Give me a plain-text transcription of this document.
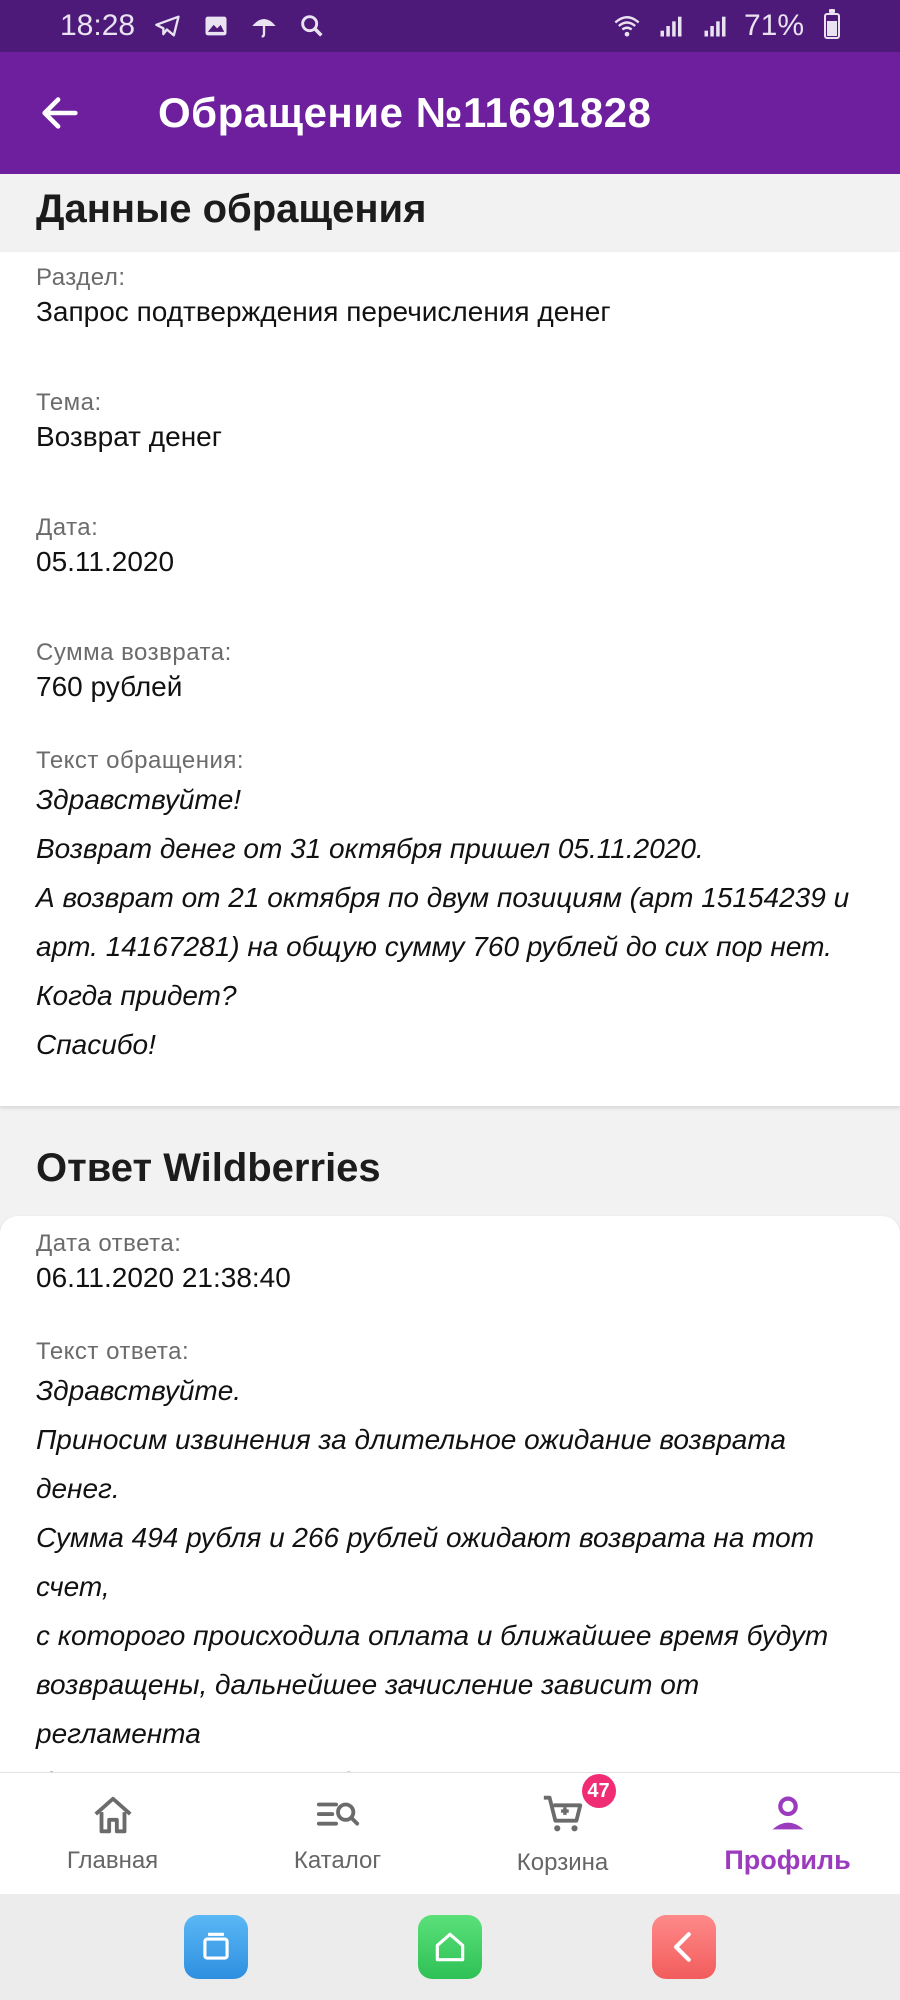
18:28	71%
Обращение №11691828
Данные обращения
Раздел:
Запрос подтверждения перечисления денег
Тема:
Возврат денег
Дата:
05.11.2020
Сумма возврата:
760 рублей
Текст обращения:
Здравствуйте!
Возврат денег от 31 октября пришел 05.11.2020.
А возврат от 21 октября по двум позициям (арт 15154239 и
арт. 14167281) на общую сумму 760 рублей до сих пор нет.
Когда придет?
Спасибо!
Ответ Wildberries
Дата ответа:
06.11.2020 21:38:40
Текст ответа:
Здравствуйте.
Приносим извинения за длительное ожидание возврата денег.
Сумма 494 рубля и 266 рублей ожидают возврата на тот счет,
с которого происходила оплата и ближайшее время будут
возвращены, дальнейшее зачисление зависит от регламента
Главная	Каталог
47
Корзина	Профиль
